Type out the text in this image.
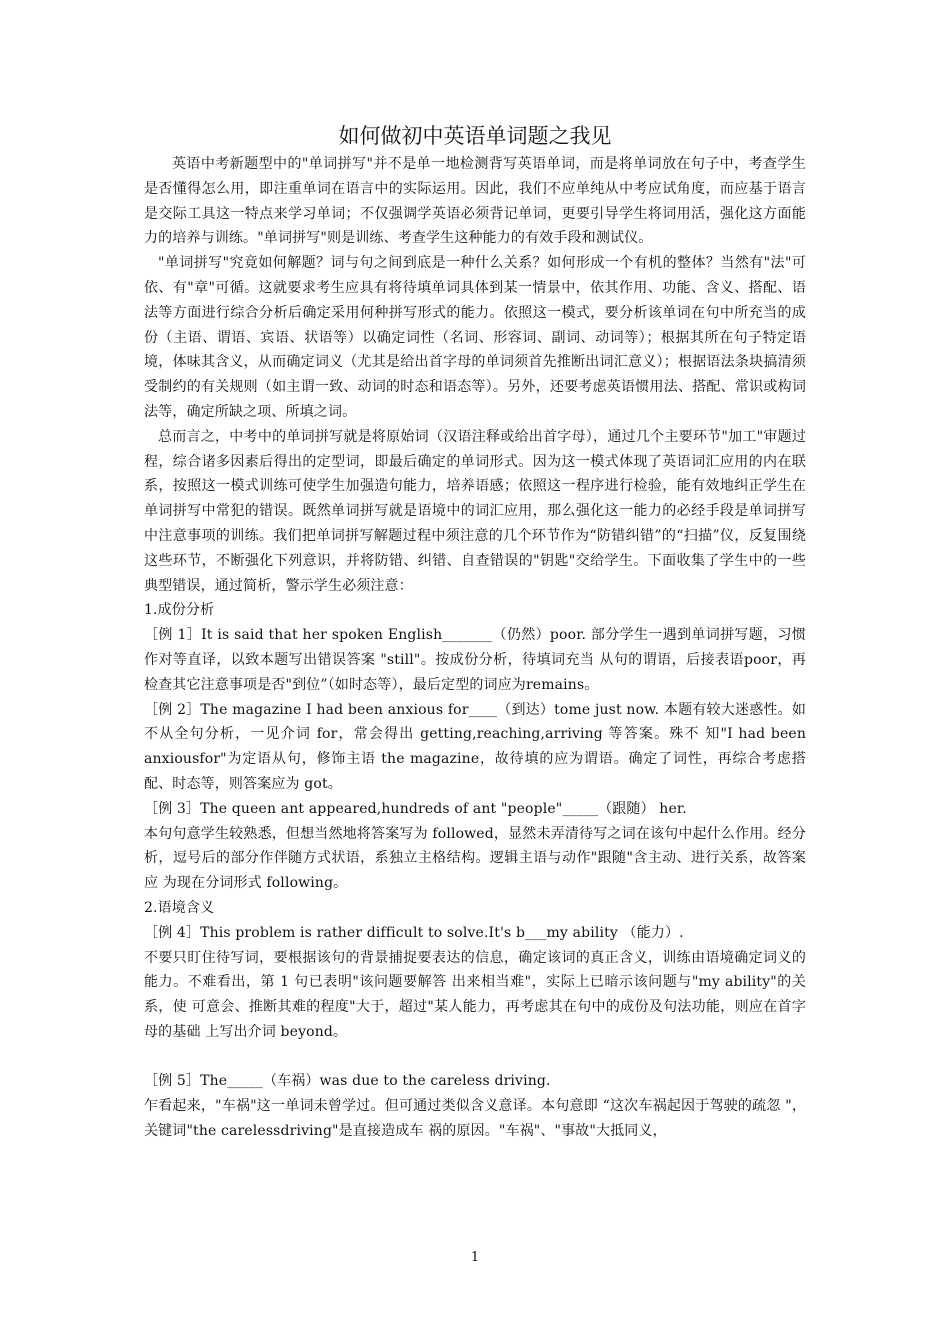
如何做初中英语单词题之我见

英语中考新题型中的"单词拼写"并不是单一地检测背写英语单词，而是将单词放在句子中，考查学生是否懂得怎么用，即注重单词在语言中的实际运用。因此，我们不应单纯从中考应试角度，而应基于语言是交际工具这一特点来学习单词；不仅强调学英语必须背记单词，更要引导学生将词用活，强化这方面能力的培养与训练。"单词拼写"则是训练、考查学生这种能力的有效手段和测试仪。

"单词拼写"究竟如何解题？词与句之间到底是一种什么关系？如何形成一个有机的整体？当然有"法"可依、有"章"可循。这就要求考生应具有将待填单词具体到某一情景中，依其作用、功能、含义、搭配、语法等方面进行综合分析后确定采用何种拼写形式的能力。依照这一模式，要分析该单词在句中所充当的成份（主语、谓语、宾语、状语等）以确定词性（名词、形容词、副词、动词等）；根据其所在句子特定语境，体味其含义，从而确定词义（尤其是给出首字母的单词须首先推断出词汇意义）；根据语法条块搞清须受制约的有关规则（如主谓一致、动词的时态和语态等）。另外，还要考虑英语惯用法、搭配、常识或构词法等，确定所缺之项、所填之词。

总而言之，中考中的单词拼写就是将原始词（汉语注释或给出首字母），通过几个主要环节"加工"审题过程，综合诸多因素后得出的定型词，即最后确定的单词形式。因为这一模式体现了英语词汇应用的内在联系，按照这一模式训练可使学生加强造句能力，培养语感；依照这一程序进行检验，能有效地纠正学生在单词拼写中常犯的错误。既然单词拼写就是语境中的词汇应用，那么强化这一能力的必经手段是单词拼写中注意事项的训练。我们把单词拼写解题过程中须注意的几个环节作为“防错纠错”的“扫描”仪，反复围绕这些环节，不断强化下列意识，并将防错、纠错、自查错误的"钥匙"交给学生。下面收集了学生中的一些典型错误，通过简析，警示学生必须注意：

1.成份分析

［例 1］It is said that her spoken English_______（仍然）poor. 部分学生一遇到单词拼写题，习惯作对等直译，以致本题写出错误答案 "still"。按成份分析，待填词充当 从句的谓语，后接表语poor，再检查其它注意事项是否"到位”（如时态等），最后定型的词应为remains。

［例 2］The magazine I had been anxious for____（到达）tome just now. 本题有较大迷惑性。如不从全句分析，一见介词 for，常会得出 getting,reaching,arriving 等答案。殊不 知"I had been anxiousfor"为定语从句，修饰主语 the magazine，故待填的应为谓语。确定了词性，再综合考虑搭配、时态等，则答案应为 got。

［例 3］The queen ant appeared,hundreds of ant "people"_____（跟随） her.

本句句意学生较熟悉，但想当然地将答案写为 followed，显然未弄清待写之词在该句中起什么作用。经分 析，逗号后的部分作伴随方式状语，系独立主格结构。逻辑主语与动作"跟随"含主动、进行关系，故答案应 为现在分词形式 following。

2.语境含义

［例 4］This problem is rather difficult to solve.It's b___my ability （能力）.

不要只盯住待写词，要根据该句的背景捕捉要表达的信息，确定该词的真正含义，训练由语境确定词义的 能力。不难看出，第 1 句已表明"该问题要解答 出来相当难"，实际上已暗示该问题与"my ability"的关系，使 可意会、推断其难的程度"大于，超过"某人能力，再考虑其在句中的成份及句法功能，则应在首字母的基础 上写出介词 beyond。

［例 5］The_____（车祸）was due to the careless driving.

乍看起来，"车祸"这一单词未曾学过。但可通过类似含义意译。本句意即 “这次车祸起因于驾驶的疏忽 "，关键词"the carelessdriving"是直接造成车 祸的原因。"车祸"、"事故"大抵同义，

1
